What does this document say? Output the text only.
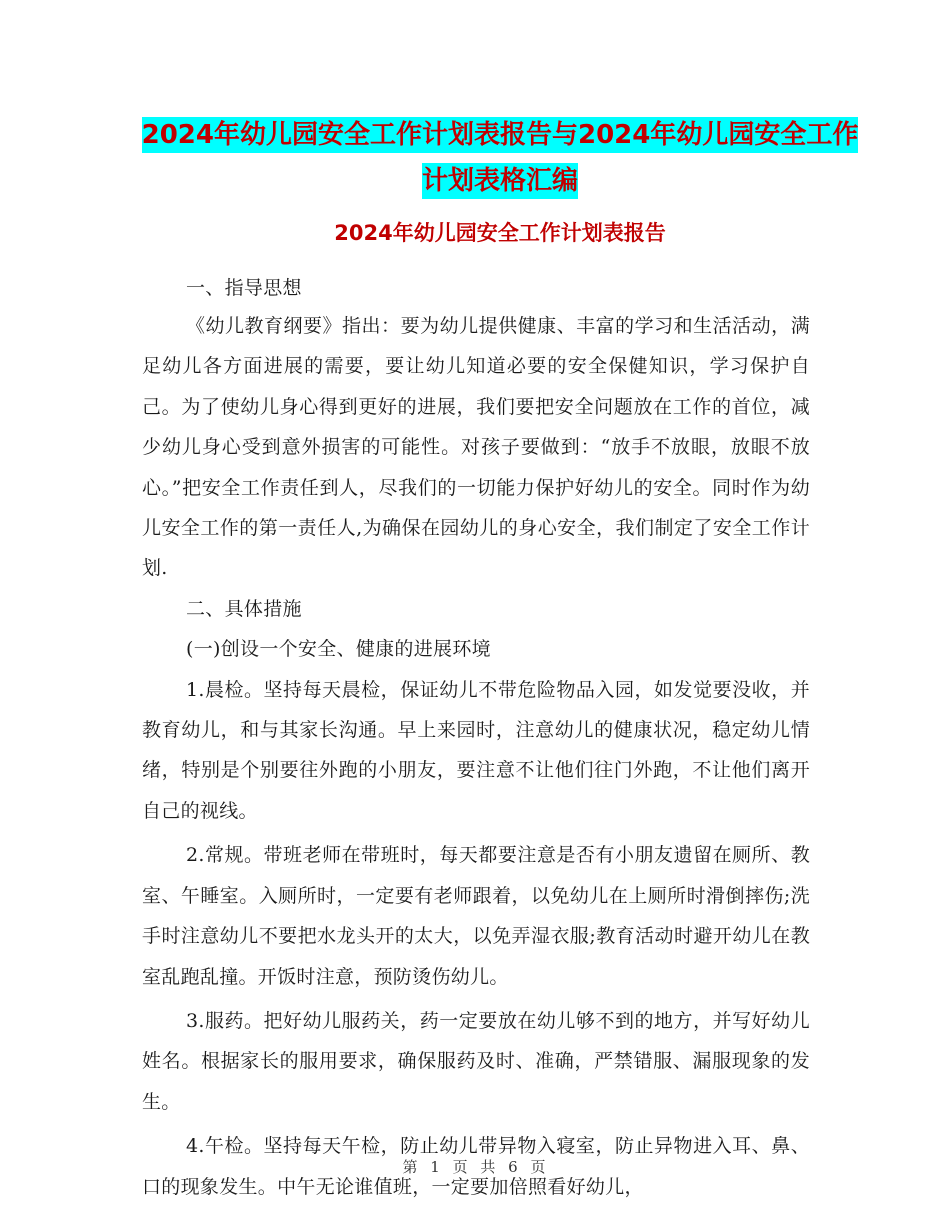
2024年幼儿园安全工作计划表报告与2024年幼儿园安全工作计划表格汇编
2024年幼儿园安全工作计划表报告

一、指导思想

《幼儿教育纲要》指出：要为幼儿提供健康、丰富的学习和生活活动，满足幼儿各方面进展的需要，要让幼儿知道必要的安全保健知识，学习保护自己。为了使幼儿身心得到更好的进展，我们要把安全问题放在工作的首位，减少幼儿身心受到意外损害的可能性。对孩子要做到：“放手不放眼，放眼不放心。”把安全工作责任到人，尽我们的一切能力保护好幼儿的安全。同时作为幼儿安全工作的第一责任人,为确保在园幼儿的身心安全，我们制定了安全工作计划.

二、具体措施

(一)创设一个安全、健康的进展环境

1.晨检。坚持每天晨检，保证幼儿不带危险物品入园，如发觉要没收，并教育幼儿，和与其家长沟通。早上来园时，注意幼儿的健康状况，稳定幼儿情绪，特别是个别要往外跑的小朋友，要注意不让他们往门外跑，不让他们离开自己的视线。

2.常规。带班老师在带班时，每天都要注意是否有小朋友遗留在厕所、教室、午睡室。入厕所时，一定要有老师跟着，以免幼儿在上厕所时滑倒摔伤;洗手时注意幼儿不要把水龙头开的太大，以免弄湿衣服;教育活动时避开幼儿在教室乱跑乱撞。开饭时注意，预防烫伤幼儿。

3.服药。把好幼儿服药关，药一定要放在幼儿够不到的地方，并写好幼儿姓名。根据家长的服用要求，确保服药及时、准确，严禁错服、漏服现象的发生。

4.午检。坚持每天午检，防止幼儿带异物入寝室，防止异物进入耳、鼻、口的现象发生。中午无论谁值班，一定要加倍照看好幼儿，

第 1 页 共 6 页
